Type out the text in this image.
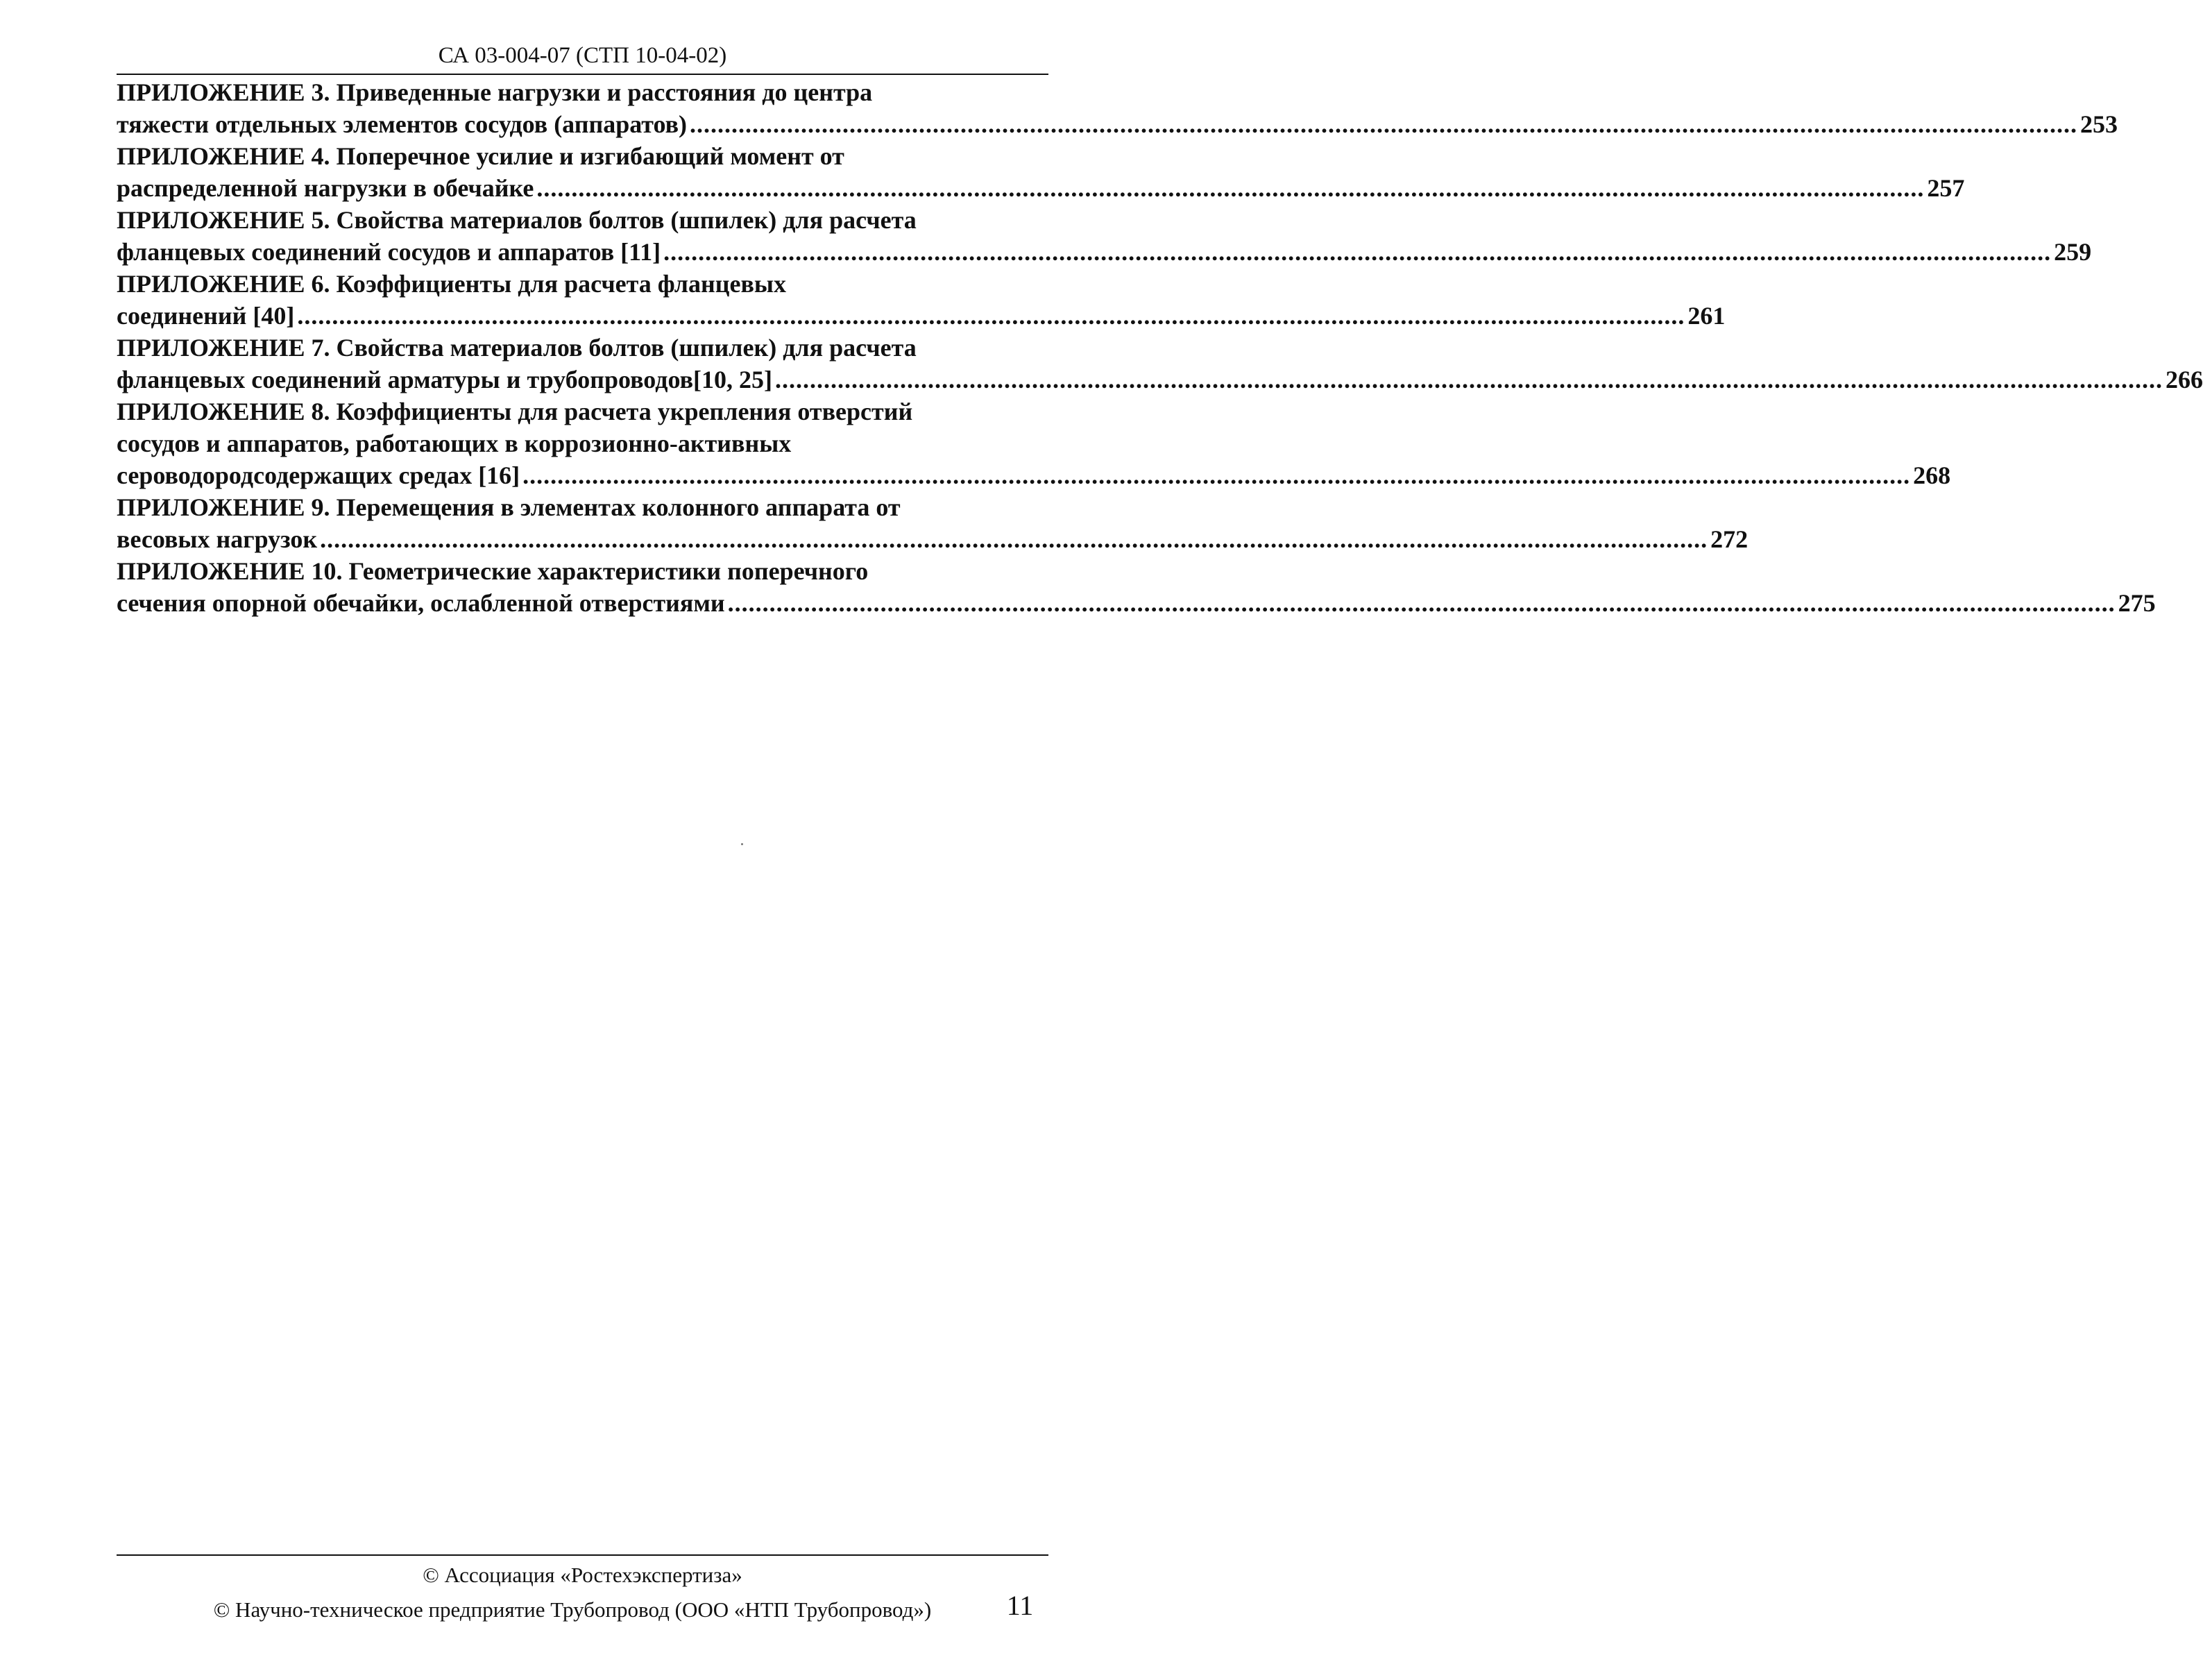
СА 03-004-07 (СТП 10-04-02)
ПРИЛОЖЕНИЕ 3. Приведенные нагрузки и расстояния до центра
тяжести отдельных элементов сосудов (аппаратов) ........................................................................................................................................................................................................ 253
ПРИЛОЖЕНИЕ 4. Поперечное усилие и изгибающий момент от
распределенной нагрузки в обечайке ........................................................................................................................................................................................................ 257
ПРИЛОЖЕНИЕ 5. Свойства материалов болтов (шпилек) для расчета
фланцевых соединений сосудов и аппаратов [11] ........................................................................................................................................................................................................ 259
ПРИЛОЖЕНИЕ 6. Коэффициенты для расчета фланцевых
соединений [40] ........................................................................................................................................................................................................ 261
ПРИЛОЖЕНИЕ 7. Свойства материалов болтов (шпилек) для расчета
фланцевых соединений арматуры и трубопроводов[10, 25] ........................................................................................................................................................................................................ 266
ПРИЛОЖЕНИЕ 8. Коэффициенты для расчета укрепления отверстий
сосудов и аппаратов, работающих в коррозионно-активных
сероводородсодержащих средах [16] ........................................................................................................................................................................................................ 268
ПРИЛОЖЕНИЕ 9. Перемещения в элементах колонного аппарата от
весовых нагрузок ........................................................................................................................................................................................................ 272
ПРИЛОЖЕНИЕ 10. Геометрические характеристики поперечного
сечения опорной обечайки, ослабленной отверстиями ........................................................................................................................................................................................................ 275
© Ассоциация «Ростехэкспертиза»
© Научно-техническое предприятие Трубопровод (ООО «НТП Трубопровод»)	11
